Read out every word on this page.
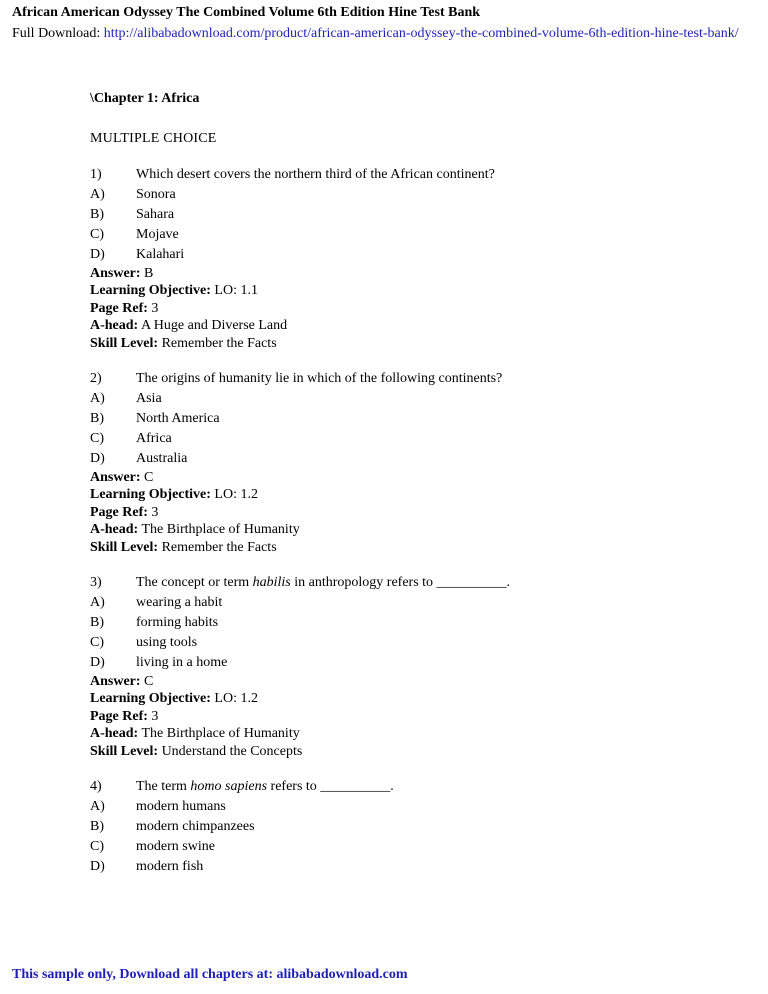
African American Odyssey The Combined Volume 6th Edition Hine Test Bank
Full Download: http://alibabadownload.com/product/african-american-odyssey-the-combined-volume-6th-edition-hine-test-bank/
\Chapter 1: Africa
MULTIPLE CHOICE
1)	Which desert covers the northern third of the African continent?
A)	Sonora
B)	Sahara
C)	Mojave
D)	Kalahari
Answer: B
Learning Objective: LO: 1.1
Page Ref: 3
A-head: A Huge and Diverse Land
Skill Level: Remember the Facts
2)	The origins of humanity lie in which of the following continents?
A)	Asia
B)	North America
C)	Africa
D)	Australia
Answer: C
Learning Objective: LO: 1.2
Page Ref: 3
A-head: The Birthplace of Humanity
Skill Level: Remember the Facts
3)	The concept or term habilis in anthropology refers to __________.
A)	wearing a habit
B)	forming habits
C)	using tools
D)	living in a home
Answer: C
Learning Objective: LO: 1.2
Page Ref: 3
A-head: The Birthplace of Humanity
Skill Level: Understand the Concepts
4)	The term homo sapiens refers to __________.
A)	modern humans
B)	modern chimpanzees
C)	modern swine
D)	modern fish
This sample only, Download all chapters at: alibabadownload.com
